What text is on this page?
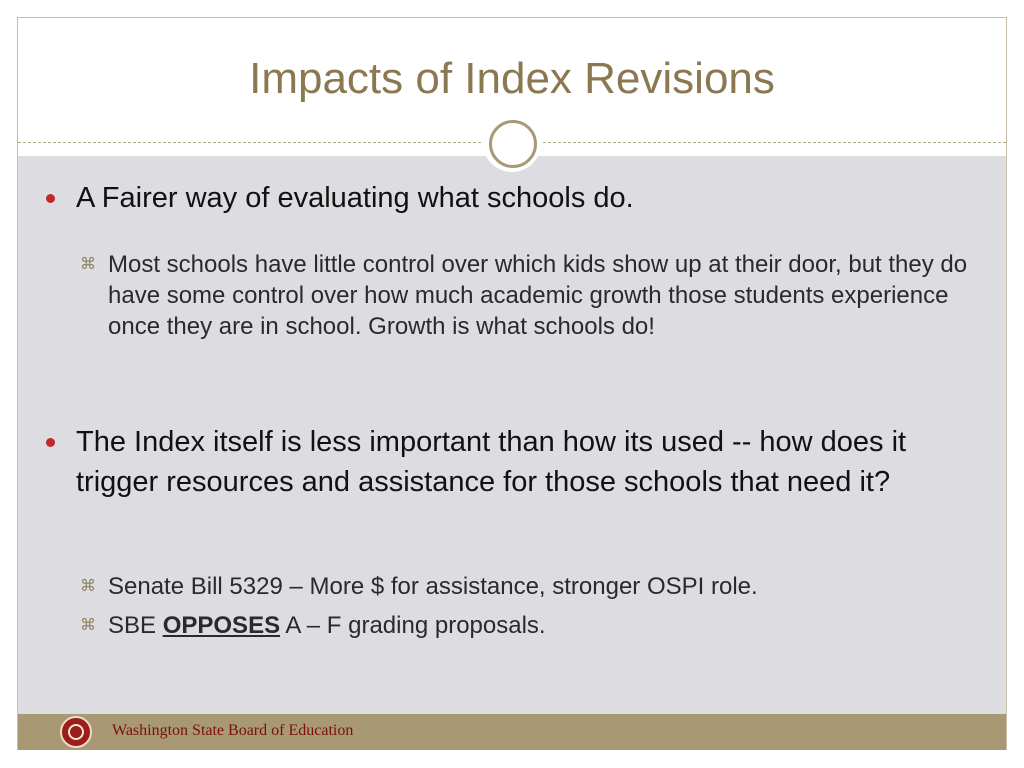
Impacts of Index Revisions
A Fairer way of evaluating what schools do.
⌘ Most schools have little control over which kids show up at their door, but they do have some control over how much academic growth those students experience once they are in school. Growth is what schools do!
The Index itself is less important than how its used -- how does it trigger resources and assistance for those schools that need it?
⌘ Senate Bill 5329 – More $ for assistance, stronger OSPI role.
⌘ SBE OPPOSES A – F grading proposals.
Washington State Board of Education
